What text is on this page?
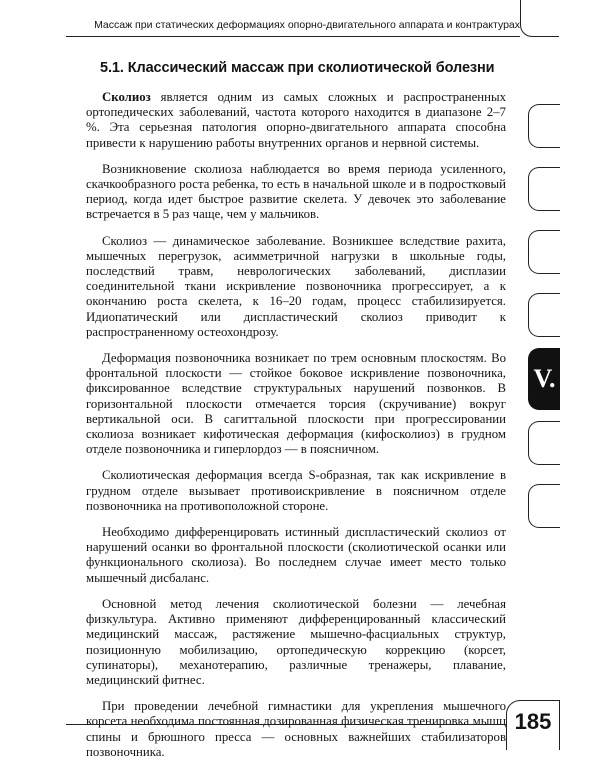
Массаж при статических деформациях опорно-двигательного аппарата и контрактурах
5.1. Классический массаж при сколиотической болезни

Сколиоз является одним из самых сложных и распространенных ортопедических заболеваний, частота которого находится в диапазоне 2–7 %. Эта серьезная патология опорно-двигательного аппарата способна привести к нарушению работы внутренних органов и нервной системы.

Возникновение сколиоза наблюдается во время периода усиленного, скачкообразного роста ребенка, то есть в начальной школе и в подростковый период, когда идет быстрое развитие скелета. У девочек это заболевание встречается в 5 раз чаще, чем у мальчиков.

Сколиоз — динамическое заболевание. Возникшее вследствие рахита, мышечных перегрузок, асимметричной нагрузки в школьные годы, последствий травм, неврологических заболеваний, дисплазии соединительной ткани искривление позвоночника прогрессирует, а к окончанию роста скелета, к 16–20 годам, процесс стабилизируется. Идиопатический или диспластический сколиоз приводит к распространенному остеохондрозу.

Деформация позвоночника возникает по трем основным плоскостям. Во фронтальной плоскости — стойкое боковое искривление позвоночника, фиксированное вследствие структуральных нарушений позвонков. В горизонтальной плоскости отмечается торсия (скручивание) вокруг вертикальной оси. В сагиттальной плоскости при прогрессировании сколиоза возникает кифотическая деформация (кифосколиоз) в грудном отделе позвоночника и гиперлордоз — в поясничном.

Сколиотическая деформация всегда S-образная, так как искривление в грудном отделе вызывает противоискривление в поясничном отделе позвоночника на противоположной стороне.

Необходимо дифференцировать истинный диспластический сколиоз от нарушений осанки во фронтальной плоскости (сколиотической осанки или функционального сколиоза). Во последнем случае имеет место только мышечный дисбаланс.

Основной метод лечения сколиотической болезни — лечебная физкультура. Активно применяют дифференцированный классический медицинский массаж, растяжение мышечно-фасциальных структур, позиционную мобилизацию, ортопедическую коррекцию (корсет, супинаторы), механотерапию, различные тренажеры, плавание, медицинский фитнес.

При проведении лечебной гимнастики для укрепления мышечного корсета необходима постоянная дозированная физическая тренировка мышц спины и брюшного пресса — основных важнейших стабилизаторов позвоночника.

V.
185
